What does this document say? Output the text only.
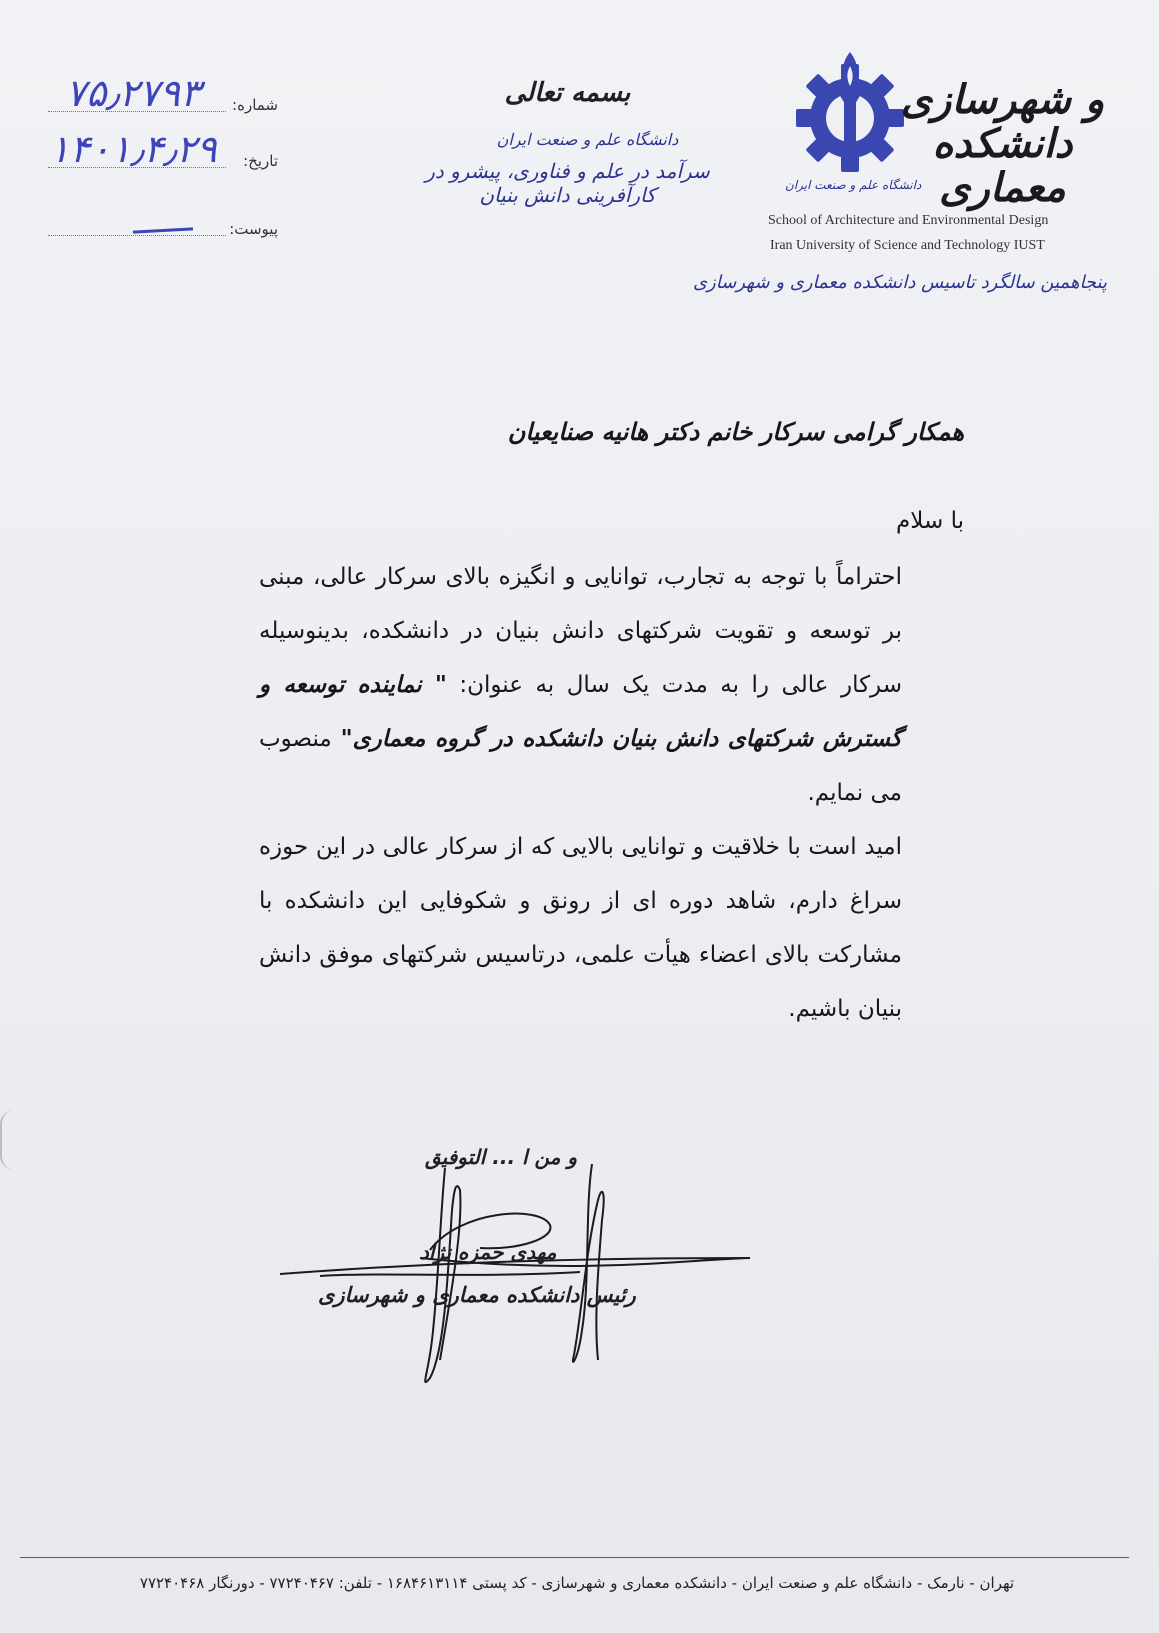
۷۵٫۲۷۹۳	شماره:
۱۴۰۱٫۴٫۲۹ تاریخ:
پیوست:
بسمه تعالی
دانشگاه علم و صنعت ایران
سرآمد در علم و فناوری، پیشرو در کارآفرینی دانش بنیان
و شهرسازی
دانشکده معماری
دانشگاه علم و صنعت ایران
School of Architecture and Environmental Design
Iran University of Science and Technology IUST
پنجاهمین سالگرد تاسیس دانشکده معماری و شهرسازی
همکار گرامی سرکار خانم دکتر هانیه صنایعیان
با سلام

احتراماً با توجه به تجارب، توانایی و انگیزه بالای سرکار عالی، مبنی بر توسعه و تقویت شرکتهای دانش بنیان در دانشکده، بدینوسیله سرکار عالی را به مدت یک سال به عنوان: " نماینده توسعه و گسترش شرکتهای دانش بنیان دانشکده در گروه معماری" منصوب می نمایم.

امید است با خلاقیت و توانایی بالایی که از سرکار عالی در این حوزه سراغ دارم، شاهد دوره ای از رونق و شکوفایی این دانشکده با مشارکت بالای اعضاء هیأت علمی، درتاسیس شرکتهای موفق دانش بنیان باشیم.

و من ا ... التوفیق
مهدی حمزه نژاد
رئیس دانشکده معماری و شهرسازی
تهران - نارمک - دانشگاه علم و صنعت ایران - دانشکده معماری و شهرسازی - کد پستی ۱۶۸۴۶۱۳۱۱۴ - تلفن: ۷۷۲۴۰۴۶۷ - دورنگار ۷۷۲۴۰۴۶۸
